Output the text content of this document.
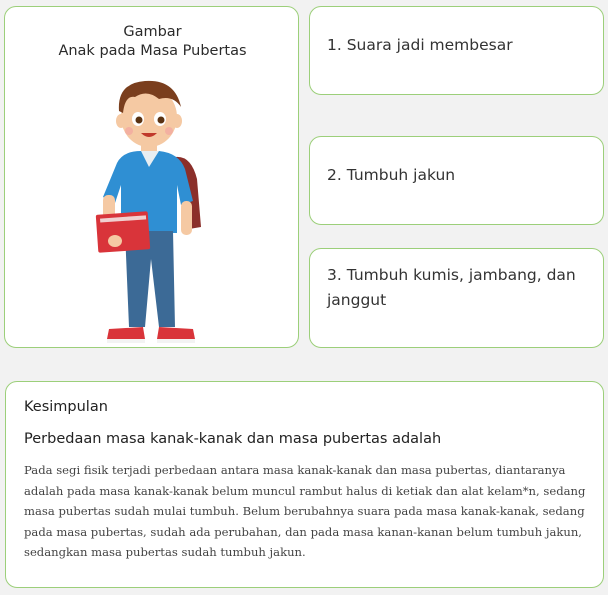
Gambar
Anak pada Masa Pubertas	1. Suara jadi membesar
2. Tumbuh jakun
3. Tumbuh kumis, jambang, dan janggut
Kesimpulan
Perbedaan masa kanak-kanak dan masa pubertas adalah
Pada segi fisik terjadi perbedaan antara masa kanak-kanak dan masa pubertas, diantaranya adalah pada masa kanak-kanak belum muncul rambut halus di ketiak dan alat kelam*n, sedang masa pubertas sudah mulai tumbuh. Belum berubahnya suara pada masa kanak-kanak, sedang pada masa pubertas, sudah ada perubahan, dan pada masa kanan-kanan belum tumbuh jakun, sedangkan masa pubertas sudah tumbuh jakun.
